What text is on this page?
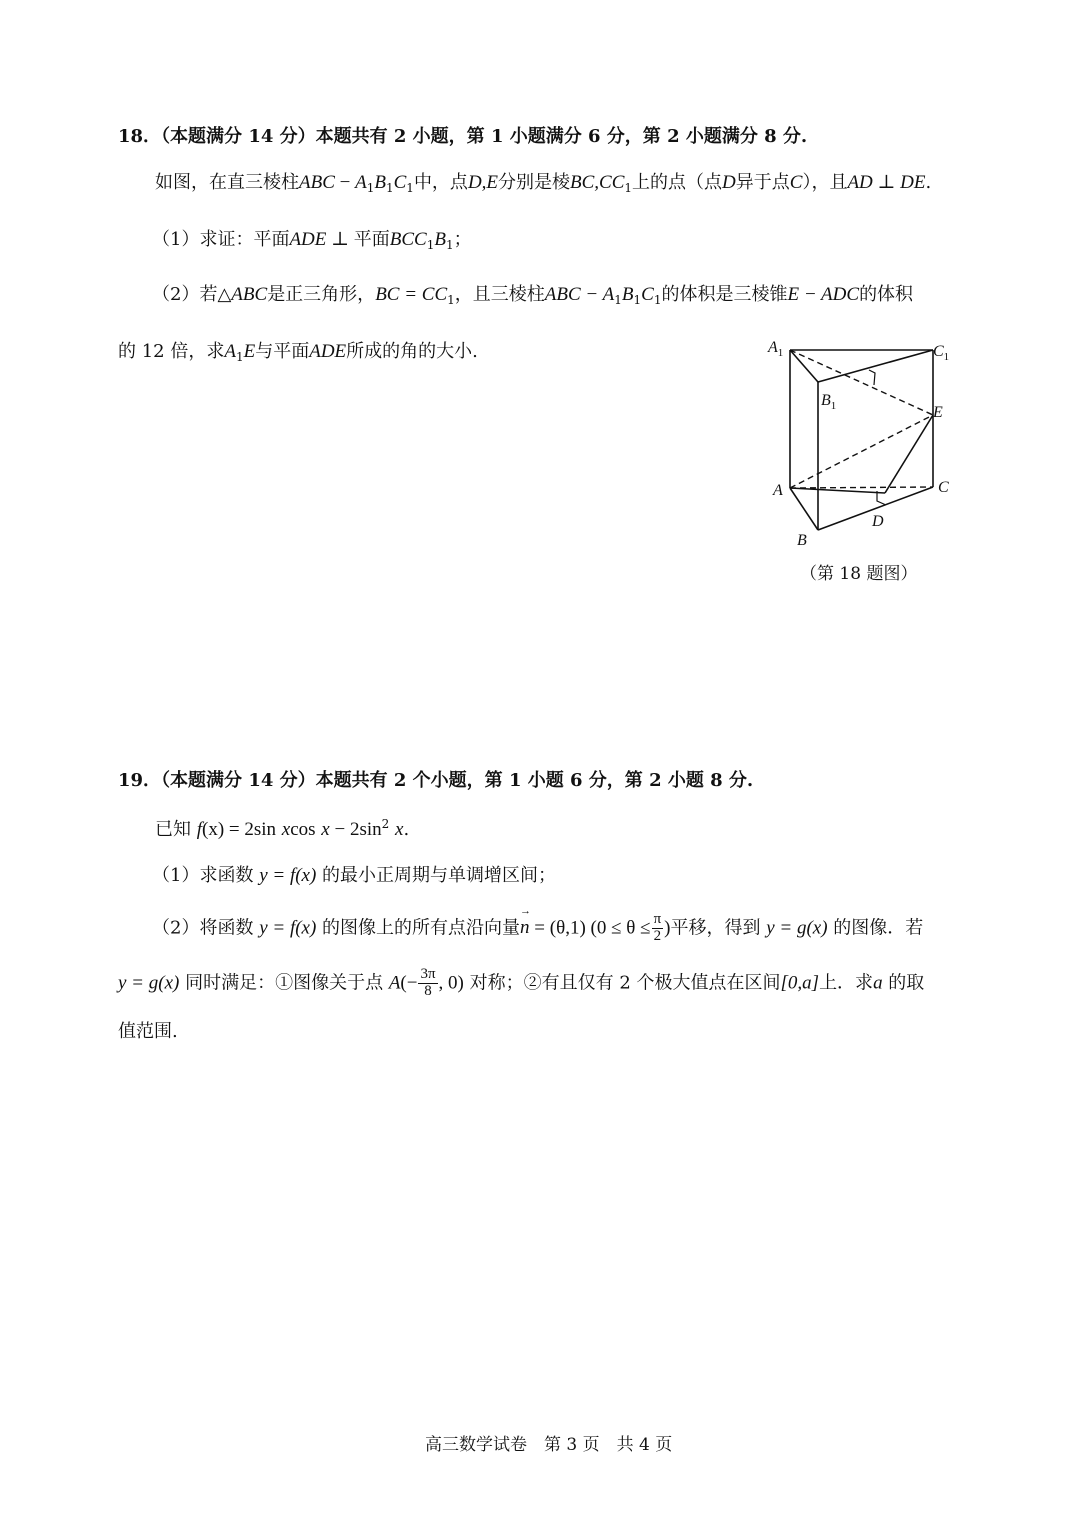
18．（本题满分 14 分）本题共有 2 小题，第 1 小题满分 6 分，第 2 小题满分 8 分.
如图，在直三棱柱ABC − $A_1B_1C_1$中，点D,E分别是棱$BC,CC_1$上的点（点D异于点C），且AD ⊥ DE.
（1）求证：平面ADE ⊥ 平面$BCC_1B_1$；
（2）若△ABC是正三角形，BC = $CC_1$，且三棱柱ABC − $A_1B_1C_1$的体积是三棱锥E − ADC的体积
的 12 倍，求$A_1E$与平面ADE所成的角的大小.
A
B
C
D
E
$A_1$
$B_1$
$C_1$
（第 18 题图）
19．（本题满分 14 分）本题共有 2 个小题，第 1 小题 6 分，第 2 小题 8 分.
已知 f(x) = 2sin xcos $x - 2\sin^2$ x.
（1）求函数 y = f(x) 的最小正周期与单调增区间；
（2）将函数 y = f(x) 的图像上的所有点沿向量→ n = (θ,1) ($0 \le \theta \le \frac{\pi}{2}$ )平移，得到 y = g(x) 的图像．若
y = g(x) 同时满足：①图像关于点 $A(- \frac{3\pi}{8}$ , 0) 对称；②有且仅有 2 个极大值点在区间[0,a]上．求a 的取
值范围.
高三数学试卷　第 3 页　共 4 页
